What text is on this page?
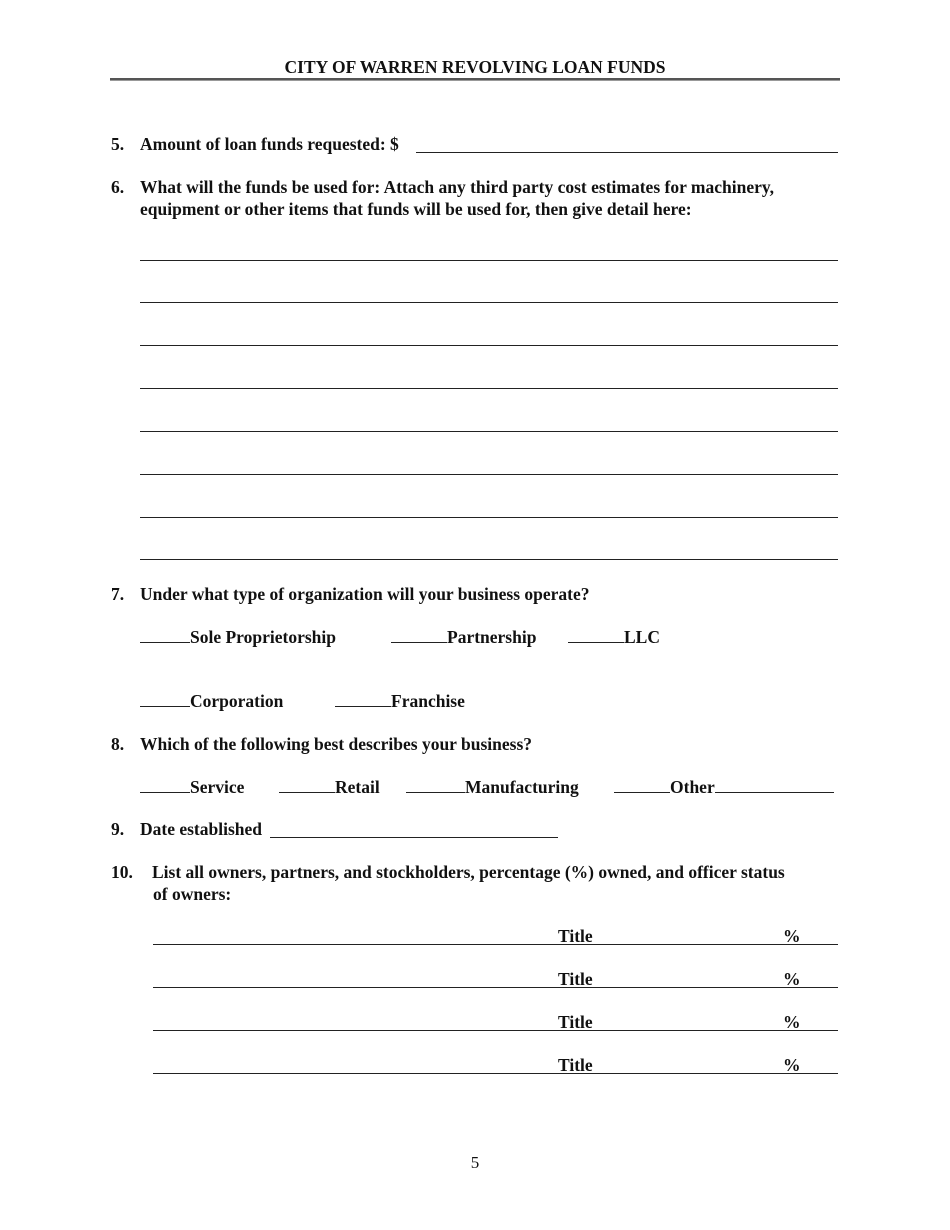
CITY OF WARREN REVOLVING LOAN FUNDS
5. Amount of loan funds requested: $
6. What will the funds be used for: Attach any third party cost estimates for machinery,
equipment or other items that funds will be used for, then give detail here:
7. Under what type of organization will your business operate?
Sole Proprietorship	Partnership	LLC
Corporation	Franchise
8. Which of the following best describes your business?
Service	Retail	Manufacturing	Other
9. Date established
10. List all owners, partners, and stockholders, percentage (%) owned, and officer status
of owners:
Title	%
Title	%
Title	%
Title	%
5
